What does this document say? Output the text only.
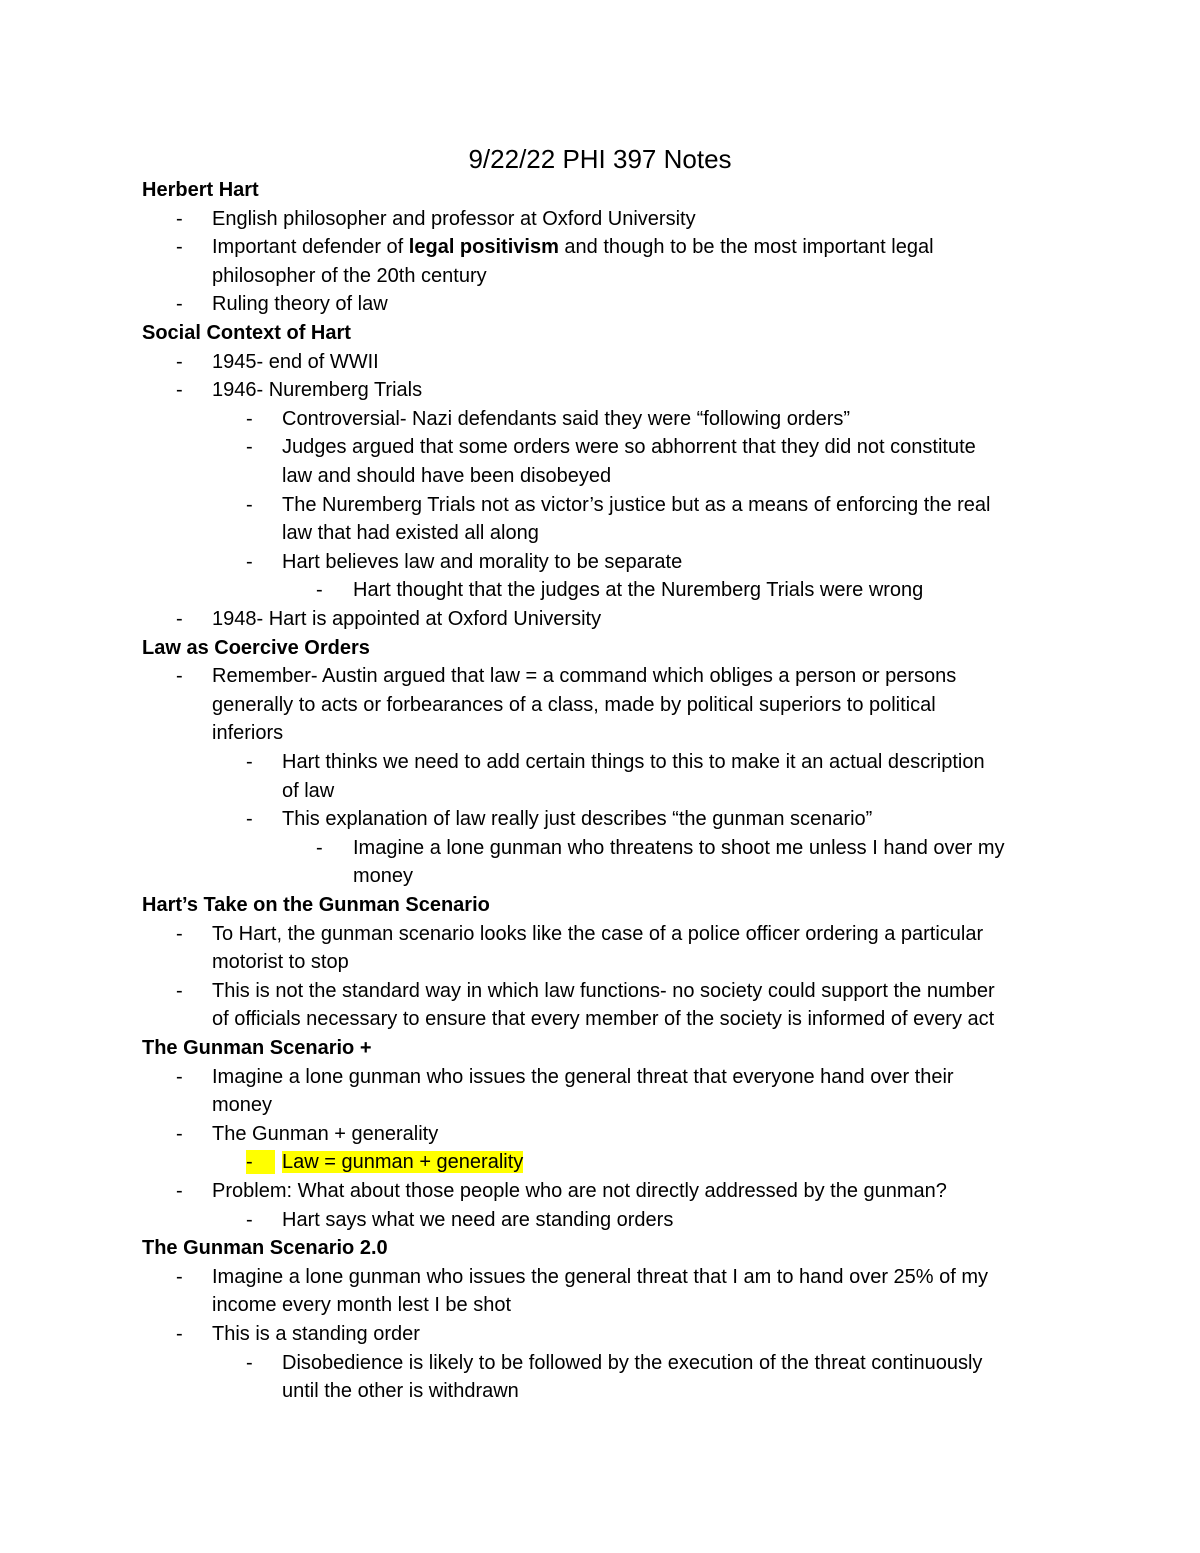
9/22/22 PHI 397 Notes
Herbert Hart
- English philosopher and professor at Oxford University
- Important defender of legal positivism and though to be the most important legal
philosopher of the 20th century
- Ruling theory of law
Social Context of Hart
- 1945- end of WWII
- 1946- Nuremberg Trials
- Controversial- Nazi defendants said they were “following orders”
- Judges argued that some orders were so abhorrent that they did not constitute
law and should have been disobeyed
- The Nuremberg Trials not as victor’s justice but as a means of enforcing the real
law that had existed all along
- Hart believes law and morality to be separate
- Hart thought that the judges at the Nuremberg Trials were wrong
- 1948- Hart is appointed at Oxford University
Law as Coercive Orders
- Remember- Austin argued that law = a command which obliges a person or persons
generally to acts or forbearances of a class, made by political superiors to political
inferiors
- Hart thinks we need to add certain things to this to make it an actual description
of law
- This explanation of law really just describes “the gunman scenario”
- Imagine a lone gunman who threatens to shoot me unless I hand over my
money
Hart’s Take on the Gunman Scenario
- To Hart, the gunman scenario looks like the case of a police officer ordering a particular
motorist to stop
- This is not the standard way in which law functions- no society could support the number
of officials necessary to ensure that every member of the society is informed of every act
The Gunman Scenario +
- Imagine a lone gunman who issues the general threat that everyone hand over their
money
- The Gunman + generality
-	Law = gunman + generality
- Problem: What about those people who are not directly addressed by the gunman?
- Hart says what we need are standing orders
The Gunman Scenario 2.0
- Imagine a lone gunman who issues the general threat that I am to hand over 25% of my
income every month lest I be shot
- This is a standing order
- Disobedience is likely to be followed by the execution of the threat continuously
until the other is withdrawn
